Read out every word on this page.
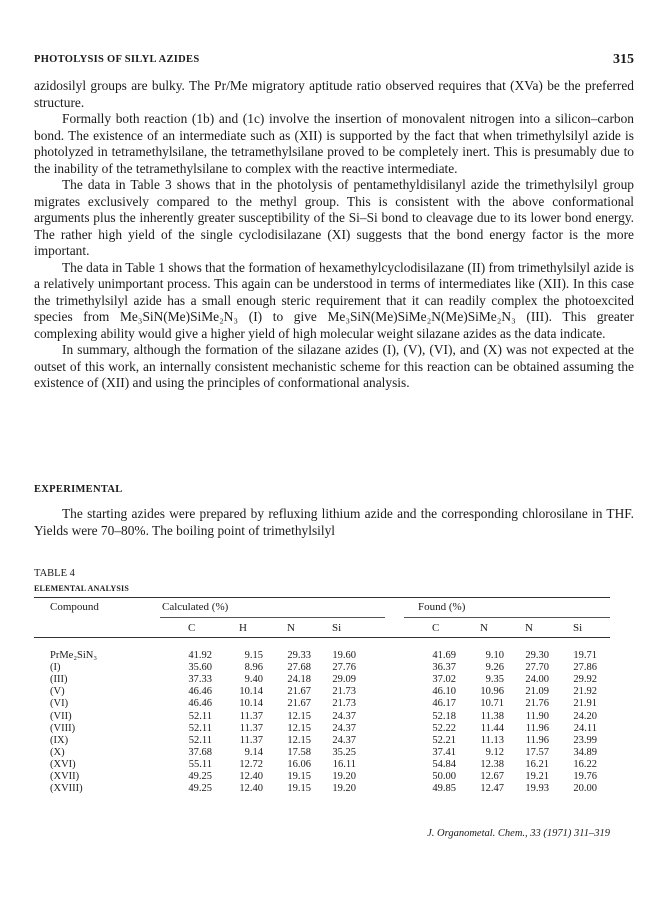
PHOTOLYSIS OF SILYL AZIDES	315

azidosilyl groups are bulky. The Pr/Me migratory aptitude ratio observed requires that (XVa) be the preferred structure.

Formally both reaction (1b) and (1c) involve the insertion of monovalent nitrogen into a silicon–carbon bond. The existence of an intermediate such as (XII) is supported by the fact that when trimethylsilyl azide is photolyzed in tetramethylsilane, the tetramethylsilane proved to be completely inert. This is presumably due to the inability of the tetramethylsilane to complex with the reactive intermediate.

The data in Table 3 shows that in the photolysis of pentamethyldisilanyl azide the trimethylsilyl group migrates exclusively compared to the methyl group. This is consistent with the above conformational arguments plus the inherently greater susceptibility of the Si–Si bond to cleavage due to its lower bond energy. The rather high yield of the single cyclodisilazane (XI) suggests that the bond energy factor is the more important.

The data in Table 1 shows that the formation of hexamethylcyclodisilazane (II) from trimethylsilyl azide is a relatively unimportant process. This again can be understood in terms of intermediates like (XII). In this case the trimethylsilyl azide has a small enough steric requirement that it can readily complex the photoexcited species from Me₃SiN(Me)SiMe₂N₃ (I) to give Me₃SiN(Me)SiMe₂N(Me)SiMe₂N₃ (III). This greater complexing ability would give a higher yield of high molecular weight silazane azides as the data indicate.

In summary, although the formation of the silazane azides (I), (V), (VI), and (X) was not expected at the outset of this work, an internally consistent mechanistic scheme for this reaction can be obtained assuming the existence of (XII) and using the principles of conformational analysis.

EXPERIMENTAL

The starting azides were prepared by refluxing lithium azide and the corresponding chlorosilane in THF. Yields were 70–80%. The boiling point of trimethylsilyl

TABLE 4
ELEMENTAL ANALYSIS
Compound	Calculated (%)	Found (%)
C	H	N	Si	C	N	N	Si
PrMe₂SiN₃	41.92	9.15	29.33	19.60	41.69	9.10	29.30	19.71
(I)	35.60	8.96	27.68	27.76	36.37	9.26	27.70	27.86
(III)	37.33	9.40	24.18	29.09	37.02	9.35	24.00	29.92
(V)	46.46	10.14	21.67	21.73	46.10	10.96	21.09	21.92
(VI)	46.46	10.14	21.67	21.73	46.17	10.71	21.76	21.91
(VII)	52.11	11.37	12.15	24.37	52.18	11.38	11.90	24.20
(VIII)	52.11	11.37	12.15	24.37	52.22	11.44	11.96	24.11
(IX)	52.11	11.37	12.15	24.37	52.21	11.13	11.96	23.99
(X)	37.68	9.14	17.58	35.25	37.41	9.12	17.57	34.89
(XVI)	55.11	12.72	16.06	16.11	54.84	12.38	16.21	16.22
(XVII)	49.25	12.40	19.15	19.20	50.00	12.67	19.21	19.76
(XVIII)	49.25	12.40	19.15	19.20	49.85	12.47	19.93	20.00
J. Organometal. Chem., 33 (1971) 311–319
